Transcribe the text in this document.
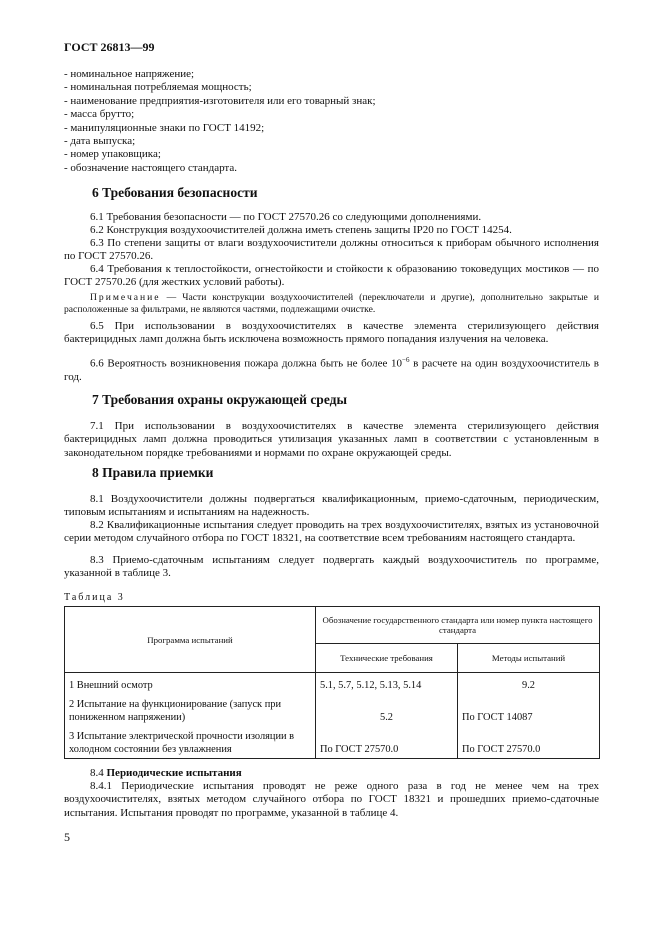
ГОСТ 26813—99
- номинальное напряжение;
- номинальная потребляемая мощность;
- наименование предприятия-изготовителя или его товарный знак;
- масса брутто;
- манипуляционные знаки по ГОСТ 14192;
- дата выпуска;
- номер упаковщика;
- обозначение настоящего стандарта.
6 Требования безопасности
6.1 Требования безопасности — по ГОСТ 27570.26 со следующими дополнениями.
6.2 Конструкция воздухоочистителей должна иметь степень защиты IP20 по ГОСТ 14254.
6.3 По степени защиты от влаги воздухоочистители должны относиться к приборам обычного исполнения по ГОСТ 27570.26.
6.4 Требования к теплостойкости, огнестойкости и стойкости к образованию токоведущих мостиков — по ГОСТ 27570.26 (для жестких условий работы).
Примечание — Части конструкции воздухоочистителей (переключатели и другие), дополнительно закрытые и расположенные за фильтрами, не являются частями, подлежащими очистке.
6.5 При использовании в воздухоочистителях в качестве элемента стерилизующего действия бактерицидных ламп должна быть исключена возможность прямого попадания излучения на человека.
6.6 Вероятность возникновения пожара должна быть не более $10^{-6}$ в расчете на один воздухоочиститель в год.
7 Требования охраны окружающей среды
7.1 При использовании в воздухоочистителях в качестве элемента стерилизующего действия бактерицидных ламп должна проводиться утилизация указанных ламп в соответствии с установленным в законодательном порядке требованиями и нормами по охране окружающей среды.
8 Правила приемки
8.1 Воздухоочистители должны подвергаться квалификационным, приемо-сдаточным, периодическим, типовым испытаниям и испытаниям на надежность.
8.2 Квалификационные испытания следует проводить на трех воздухоочистителях, взятых из установочной серии методом случайного отбора по ГОСТ 18321, на соответствие всем требованиям настоящего стандарта.
8.3 Приемо-сдаточным испытаниям следует подвергать каждый воздухоочиститель по программе, указанной в таблице 3.
Таблица 3
Программа испытаний	Обозначение государственного стандарта или номер пункта настоящего стандарта	
	Технические требования	Методы испытаний

1 Внешний осмотр	5.1, 5.7, 5.12, 5.13, 5.14	9.2

2 Испытание на функционирование (запуск при пониженном напряжении)	5.2	По ГОСТ 14087

3 Испытание электрической прочности изоляции в холодном состоянии без увлажнения	По ГОСТ 27570.0	По ГОСТ 27570.0
8.4 Периодические испытания
8.4.1 Периодические испытания проводят не реже одного раза в год не менее чем на трех воздухоочистителях, взятых методом случайного отбора по ГОСТ 18321 и прошедших приемо-сдаточные испытания. Испытания проводят по программе, указанной в таблице 4.
5
